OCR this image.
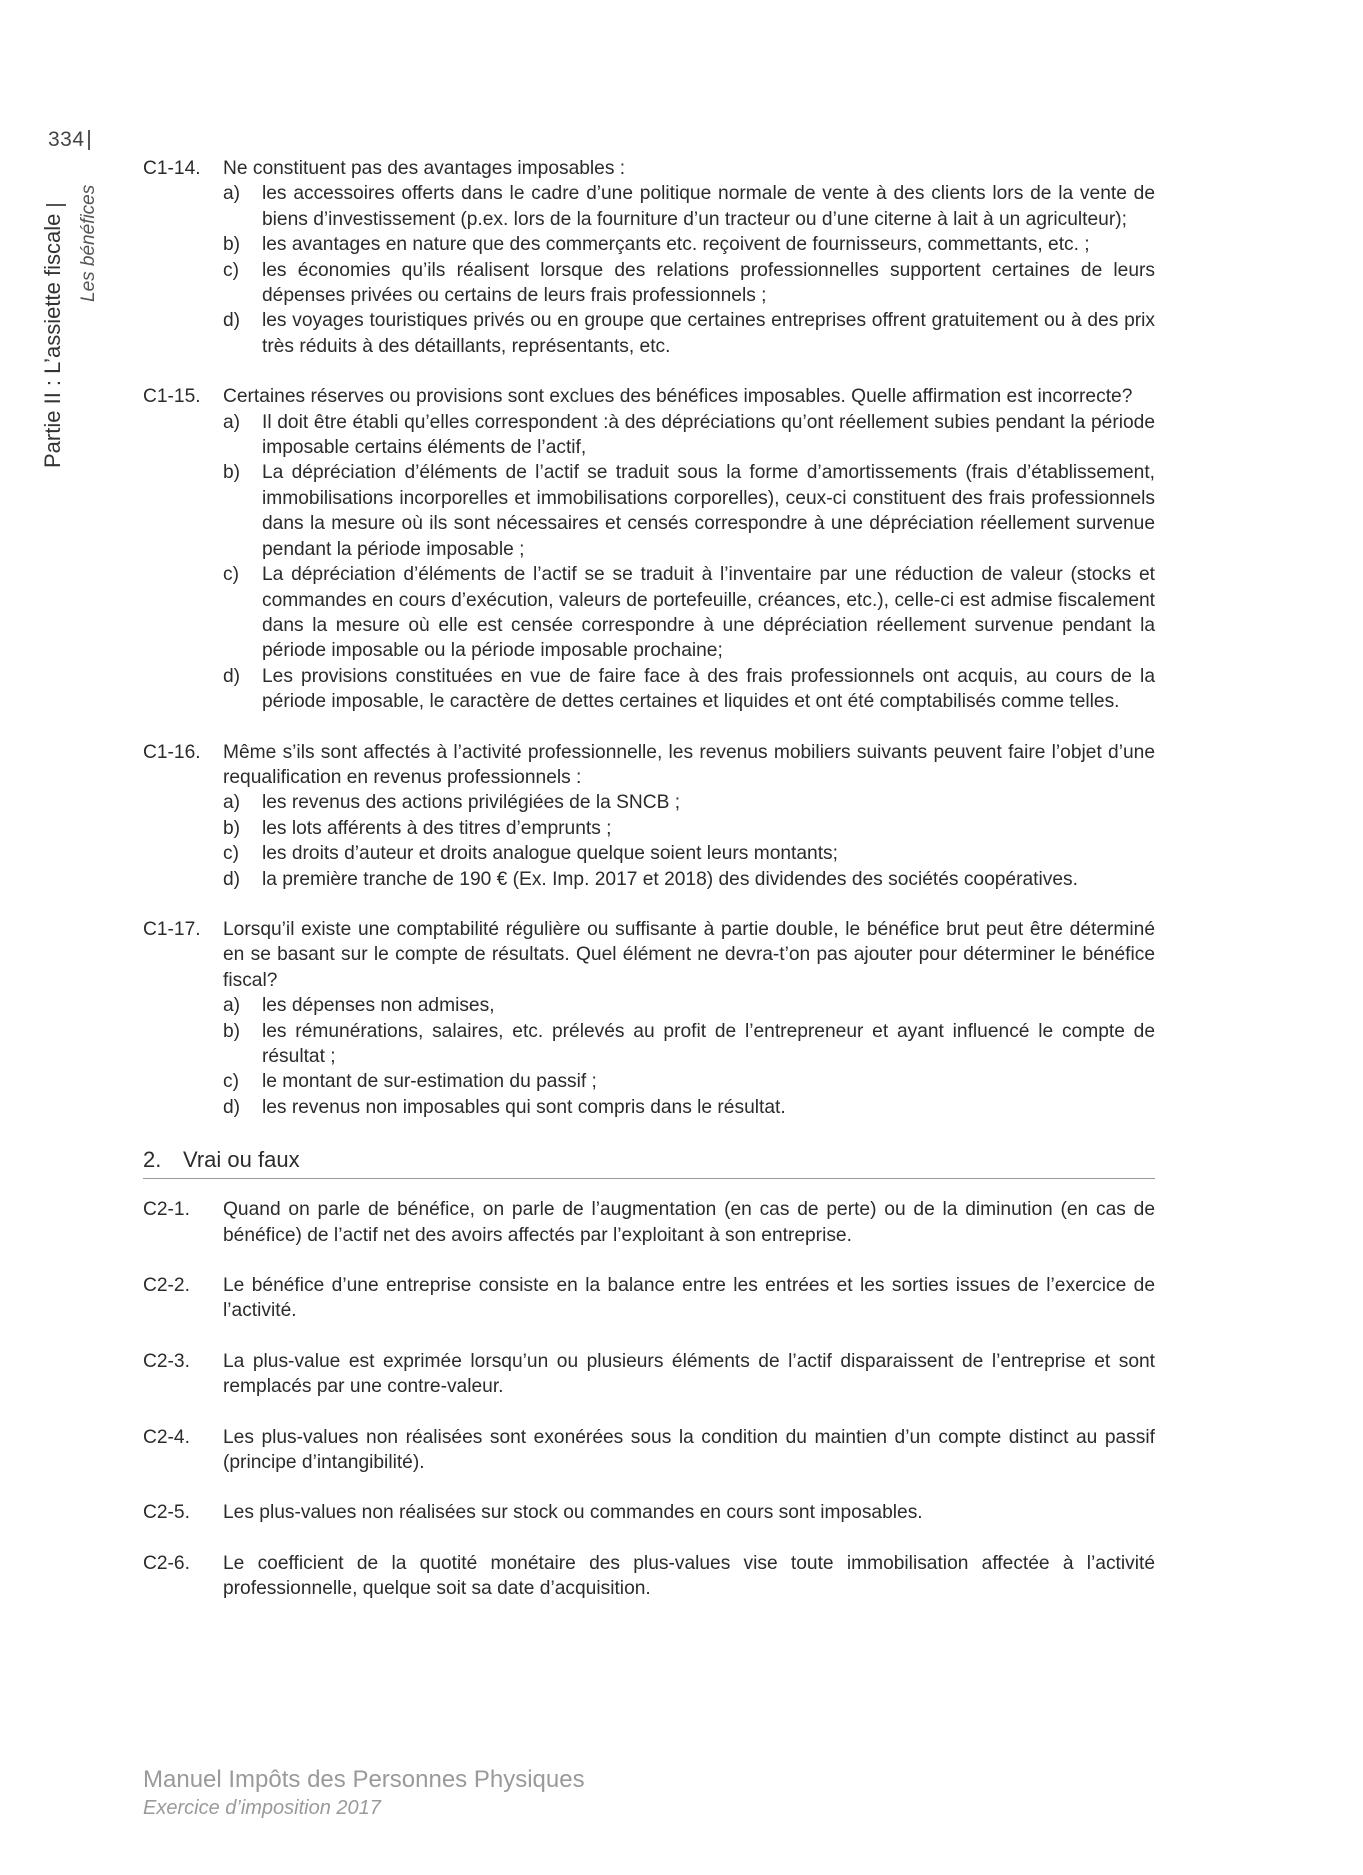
334
Partie II : L’assiette fiscale Les bénéfices
C1-14.	Ne constituent pas des avantages imposables :
a)	les accessoires offerts dans le cadre d’une politique normale de vente à des clients lors de la vente de biens d’investissement (p.ex. lors de la fourniture d’un tracteur ou d’une citerne à lait à un agriculteur);
b)	les avantages en nature que des commerçants etc. reçoivent de fournisseurs, commettants, etc. ;
c)	les économies qu’ils réalisent lorsque des relations professionnelles supportent certaines de leurs dépenses privées ou certains de leurs frais professionnels ;
d)	les voyages touristiques privés ou en groupe que certaines entreprises offrent gratuitement ou à des prix très réduits à des détaillants, représentants, etc.
C1-15.	Certaines réserves ou provisions sont exclues des bénéfices imposables. Quelle affirmation est incorrecte?
a)	Il doit être établi qu’elles correspondent :à des dépréciations qu’ont réellement subies pendant la période imposable certains éléments de l’actif,
b)	La dépréciation d’éléments de l’actif se traduit sous la forme d’amortissements (frais d’établissement, immobilisations incorporelles et immobilisations corporelles), ceux-ci constituent des frais professionnels dans la mesure où ils sont nécessaires et censés correspondre à une dépréciation réellement survenue pendant la période imposable ;
c)	La dépréciation d’éléments de l’actif se se traduit à l’inventaire par une réduction de valeur (stocks et commandes en cours d’exécution, valeurs de portefeuille, créances, etc.), celle-ci est admise fiscalement dans la mesure où elle est censée correspondre à une dépréciation réellement survenue pendant la période imposable ou la période imposable prochaine;
d)	Les provisions constituées en vue de faire face à des frais professionnels ont acquis, au cours de la période imposable, le caractère de dettes certaines et liquides et ont été comptabilisés comme telles.
C1-16.	Même s’ils sont affectés à l’activité professionnelle, les revenus mobiliers suivants peuvent faire l’objet d’une requalification en revenus professionnels :
a)	les revenus des actions privilégiées de la SNCB ;
b)	les lots afférents à des titres d’emprunts ;
c)	les droits d’auteur et droits analogue quelque soient leurs montants;
d)	la première tranche de 190 € (Ex. Imp. 2017 et 2018) des dividendes des sociétés coopératives.
C1-17.	Lorsqu’il existe une comptabilité régulière ou suffisante à partie double, le bénéfice brut peut être déterminé en se basant sur le compte de résultats. Quel élément ne devra-t’on pas ajouter pour déterminer le bénéfice fiscal?
a)	les dépenses non admises,
b)	les rémunérations, salaires, etc. prélevés au profit de l’entrepreneur et ayant influencé le compte de résultat ;
c)	le montant de sur-estimation du passif ;
d)	les revenus non imposables qui sont compris dans le résultat.
2. Vrai ou faux
C2-1.	Quand on parle de bénéfice, on parle de l’augmentation (en cas de perte) ou de la diminution (en cas de bénéfice) de l’actif net des avoirs affectés par l’exploitant à son entreprise.
C2-2.	Le bénéfice d’une entreprise consiste en la balance entre les entrées et les sorties issues de l’exercice de l’activité.
C2-3.	La plus-value est exprimée lorsqu’un ou plusieurs éléments de l’actif disparaissent de l’entreprise et sont remplacés par une contre-valeur.
C2-4.	Les plus-values non réalisées sont exonérées sous la condition du maintien d’un compte distinct au passif (principe d’intangibilité).
C2-5.	Les plus-values non réalisées sur stock ou commandes en cours sont imposables.
C2-6.	Le coefficient de la quotité monétaire des plus-values vise toute immobilisation affectée à l’activité professionnelle, quelque soit sa date d’acquisition.
Manuel Impôts des Personnes Physiques
Exercice d’imposition 2017
